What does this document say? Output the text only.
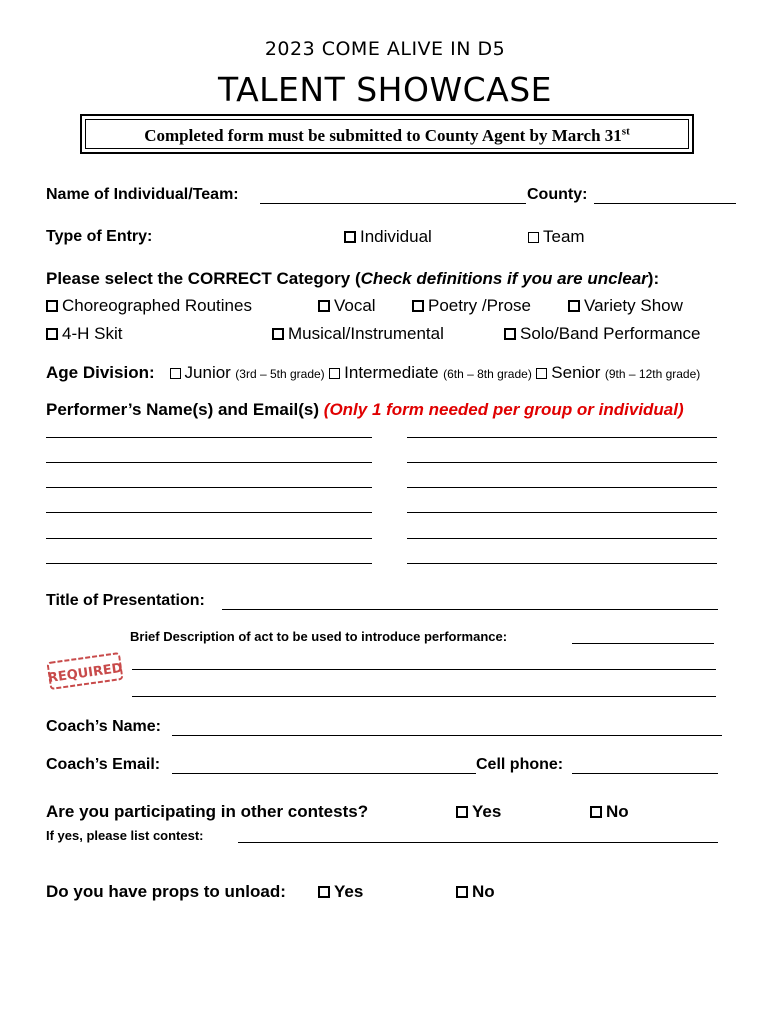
2023 COME ALIVE IN D5
TALENT SHOWCASE
Completed form must be submitted to County Agent by March 31st
Name of Individual/Team:	County:
Type of Entry:	Individual	Team
Please select the CORRECT Category (Check definitions if you are unclear):
Choreographed Routines	Vocal	Poetry /Prose	Variety Show
4-H Skit	Musical/Instrumental	Solo/Band Performance
Age Division: Junior (3rd – 5th grade) Intermediate (6th – 8th grade) Senior (9th – 12th grade)
Performer’s Name(s) and Email(s) (Only 1 form needed per group or individual)
Title of Presentation:
Brief Description of act to be used to introduce performance:
REQUIRED
Coach’s Name:
Coach’s Email:	Cell phone:
Are you participating in other contests?	Yes	No
If yes, please list contest:
Do you have props to unload:	Yes	No
